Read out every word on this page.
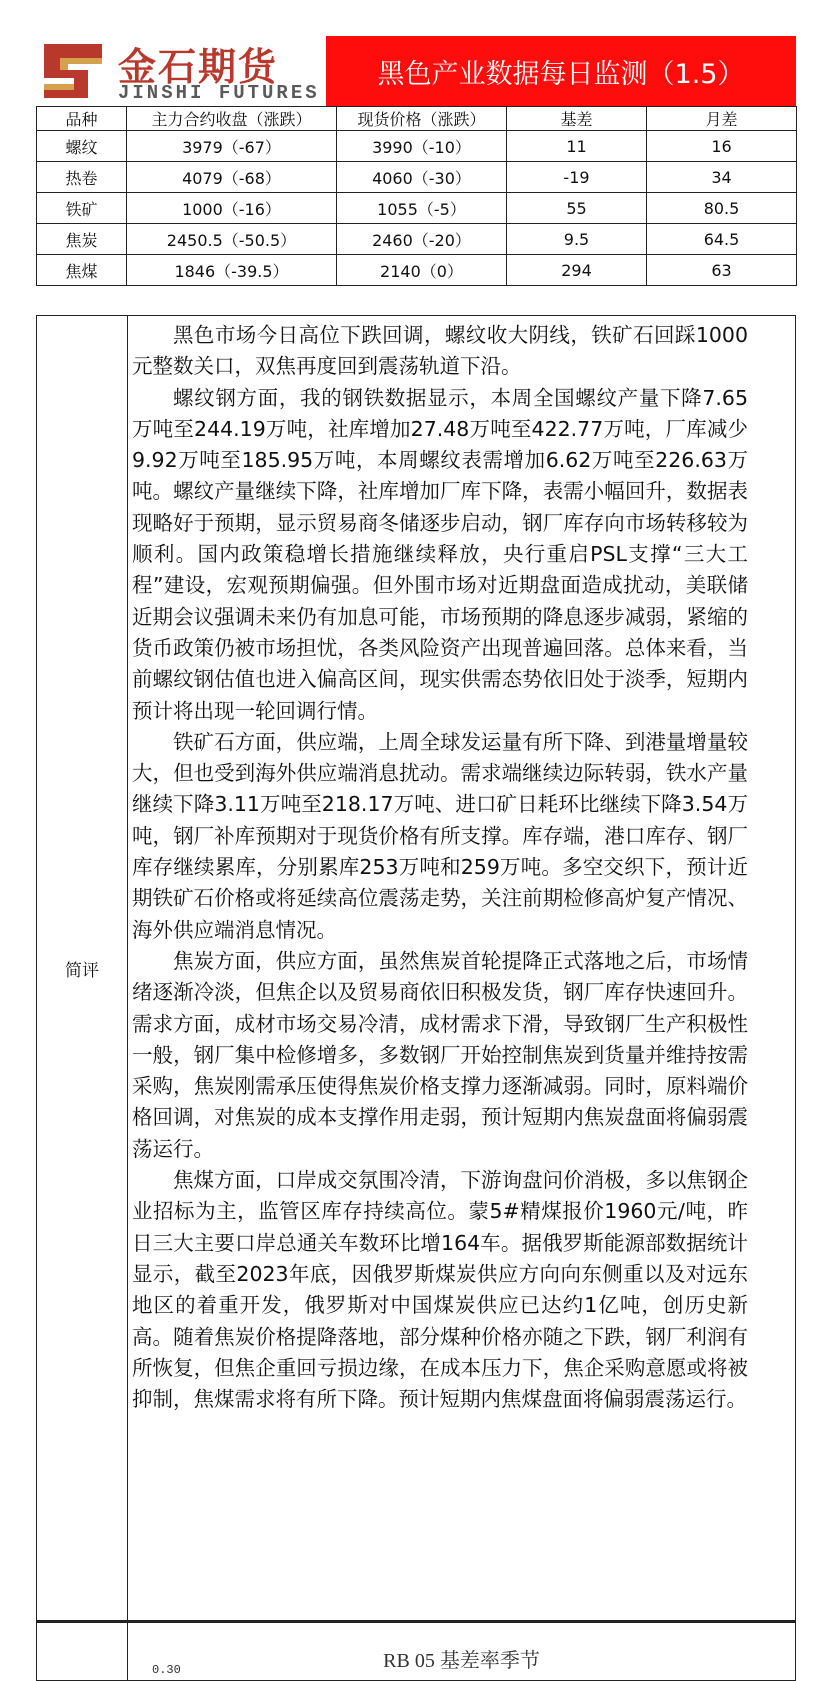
金石期货
JINSHI FUTURES
黑色产业数据每日监测（1.5）
品种	主力合约收盘（涨跌）	现货价格（涨跌）	基差	月差
螺纹	3979（-67）	3990（-10）	11	16
热卷	4079（-68）	4060（-30）	-19	34
铁矿	1000（-16）	1055（-5）	55	80.5
焦炭	2450.5（-50.5）	2460（-20）	9.5	64.5
焦煤	1846（-39.5）	2140（0）	294	63
简评

黑色市场今日高位下跌回调，螺纹收大阴线，铁矿石回踩1000元整数关口，双焦再度回到震荡轨道下沿。

螺纹钢方面，我的钢铁数据显示，本周全国螺纹产量下降7.65万吨至244.19万吨，社库增加27.48万吨至422.77万吨，厂库减少9.92万吨至185.95万吨，本周螺纹表需增加6.62万吨至226.63万吨。螺纹产量继续下降，社库增加厂库下降，表需小幅回升，数据表现略好于预期，显示贸易商冬储逐步启动，钢厂库存向市场转移较为顺利。国内政策稳增长措施继续释放，央行重启PSL支撑“三大工程”建设，宏观预期偏强。但外围市场对近期盘面造成扰动，美联储近期会议强调未来仍有加息可能，市场预期的降息逐步减弱，紧缩的货币政策仍被市场担忧，各类风险资产出现普遍回落。总体来看，当前螺纹钢估值也进入偏高区间，现实供需态势依旧处于淡季，短期内预计将出现一轮回调行情。

铁矿石方面，供应端，上周全球发运量有所下降、到港量增量较大，但也受到海外供应端消息扰动。需求端继续边际转弱，铁水产量继续下降3.11万吨至218.17万吨、进口矿日耗环比继续下降3.54万吨，钢厂补库预期对于现货价格有所支撑。库存端，港口库存、钢厂库存继续累库，分别累库253万吨和259万吨。多空交织下，预计近期铁矿石价格或将延续高位震荡走势，关注前期检修高炉复产情况、海外供应端消息情况。

焦炭方面，供应方面，虽然焦炭首轮提降正式落地之后，市场情绪逐渐冷淡，但焦企以及贸易商依旧积极发货，钢厂库存快速回升。需求方面，成材市场交易冷清，成材需求下滑，导致钢厂生产积极性一般，钢厂集中检修增多，多数钢厂开始控制焦炭到货量并维持按需采购，焦炭刚需承压使得焦炭价格支撑力逐渐减弱。同时，原料端价格回调，对焦炭的成本支撑作用走弱，预计短期内焦炭盘面将偏弱震荡运行。

焦煤方面，口岸成交氛围冷清，下游询盘问价消极，多以焦钢企业招标为主，监管区库存持续高位。蒙5#精煤报价1960元/吨，昨日三大主要口岸总通关车数环比增164车。据俄罗斯能源部数据统计显示，截至2023年底，因俄罗斯煤炭供应方向向东侧重以及对远东地区的着重开发，俄罗斯对中国煤炭供应已达约1亿吨，创历史新高。随着焦炭价格提降落地，部分煤种价格亦随之下跌，钢厂利润有所恢复，但焦企重回亏损边缘，在成本压力下，焦企采购意愿或将被抑制，焦煤需求将有所下降。预计短期内焦煤盘面将偏弱震荡运行。

RB 05 基差率季节
0.30
